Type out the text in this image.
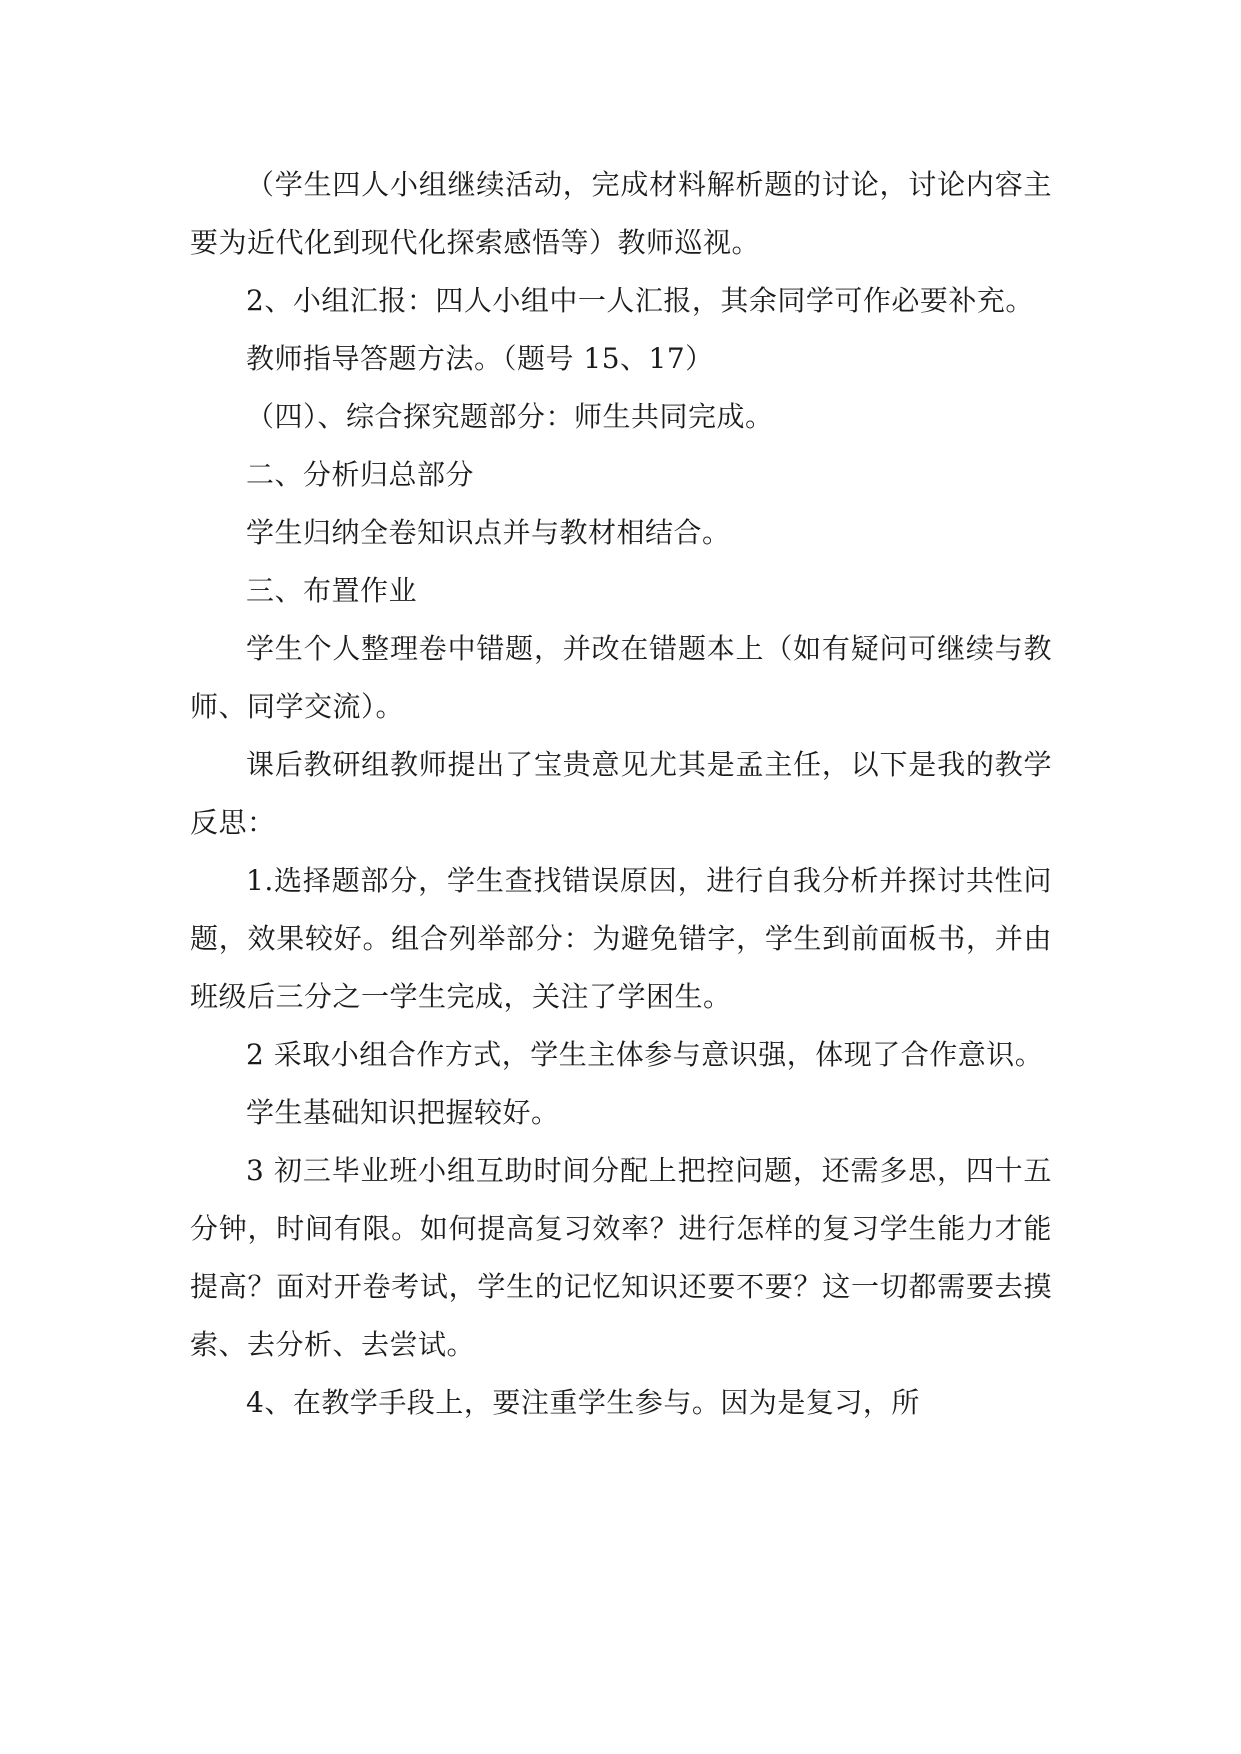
（学生四人小组继续活动，完成材料解析题的讨论，讨论内容主要为近代化到现代化探索感悟等）教师巡视。

2、小组汇报：四人小组中一人汇报，其余同学可作必要补充。

教师指导答题方法。（题号 15、17）

（四）、综合探究题部分：师生共同完成。

二、分析归总部分

学生归纳全卷知识点并与教材相结合。

三、布置作业

学生个人整理卷中错题，并改在错题本上（如有疑问可继续与教师、同学交流）。

课后教研组教师提出了宝贵意见尤其是孟主任，以下是我的教学反思：

1.选择题部分，学生查找错误原因，进行自我分析并探讨共性问题，效果较好。组合列举部分：为避免错字，学生到前面板书，并由班级后三分之一学生完成，关注了学困生。

2 采取小组合作方式，学生主体参与意识强，体现了合作意识。

学生基础知识把握较好。

3 初三毕业班小组互助时间分配上把控问题，还需多思，四十五分钟，时间有限。如何提高复习效率？进行怎样的复习学生能力才能提高？面对开卷考试，学生的记忆知识还要不要？这一切都需要去摸索、去分析、去尝试。

4、在教学手段上，要注重学生参与。因为是复习，所
